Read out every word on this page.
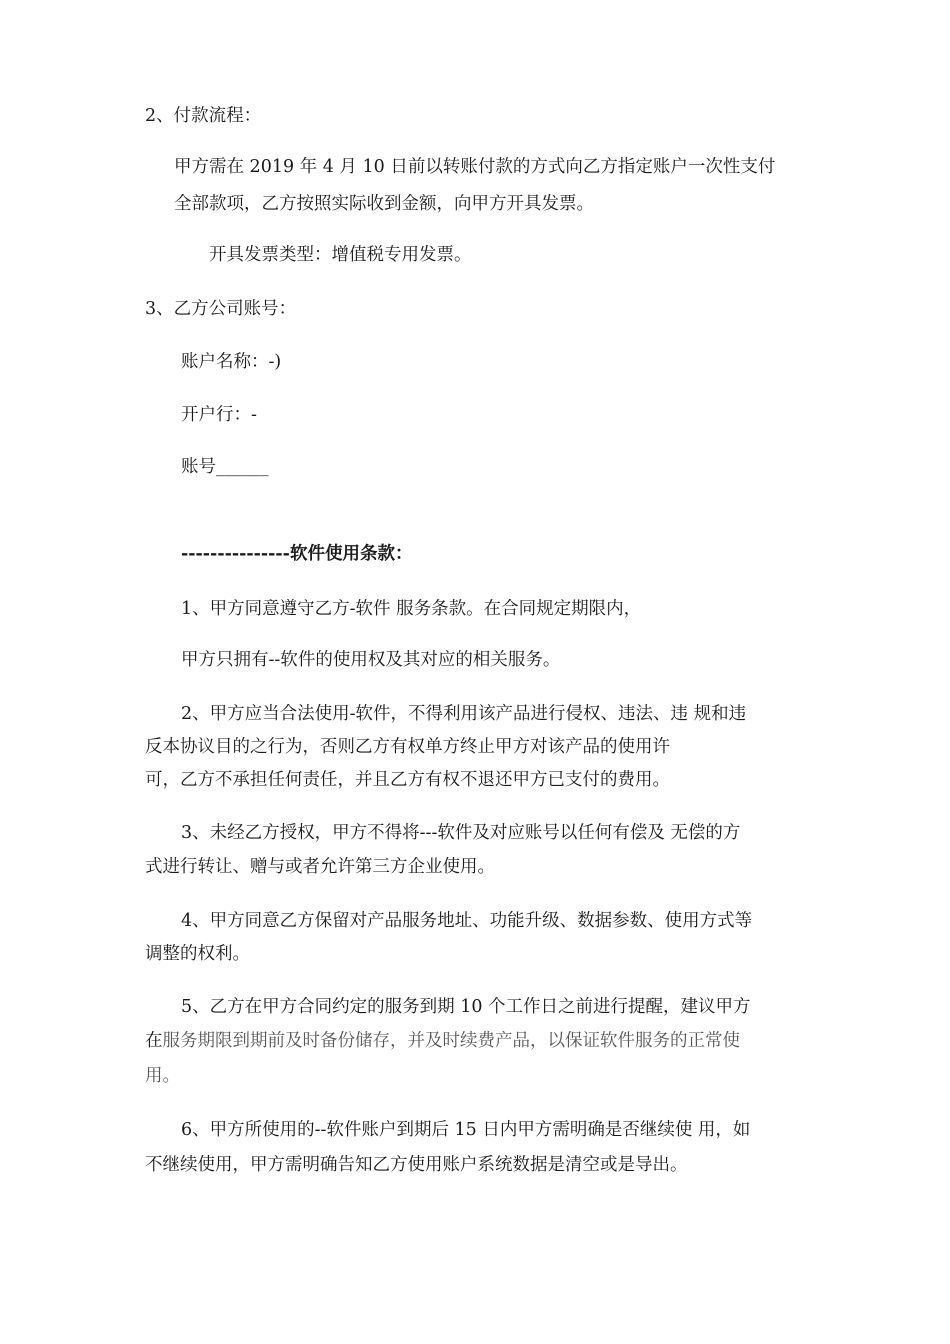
2、付款流程：
甲方需在 2019 年 4 月 10 日前以转账付款的方式向乙方指定账户一次性支付
全部款项，乙方按照实际收到金额，向甲方开具发票。
开具发票类型：增值税专用发票。
3、乙方公司账号：
账户名称：-)
开户行：-
账号______
---------------软件使用条款：
1、甲方同意遵守乙方-软件 服务条款。在合同规定期限内，
甲方只拥有--软件的使用权及其对应的相关服务。
2、甲方应当合法使用-软件，不得利用该产品进行侵权、违法、违 规和违
反本协议目的之行为，否则乙方有权单方终止甲方对该产品的使用许
可，乙方不承担任何责任，并且乙方有权不退还甲方已支付的费用。
3、未经乙方授权，甲方不得将---软件及对应账号以任何有偿及 无偿的方
式进行转让、赠与或者允许第三方企业使用。
4、甲方同意乙方保留对产品服务地址、功能升级、数据参数、使用方式等
调整的权利。
5、乙方在甲方合同约定的服务到期 10 个工作日之前进行提醒，建议甲方
在服务期限到期前及时备份储存，并及时续费产品，以保证软件服务的正常使
用。
6、甲方所使用的--软件账户到期后 15 日内甲方需明确是否继续使 用，如
不继续使用，甲方需明确告知乙方使用账户系统数据是清空或是导出。
